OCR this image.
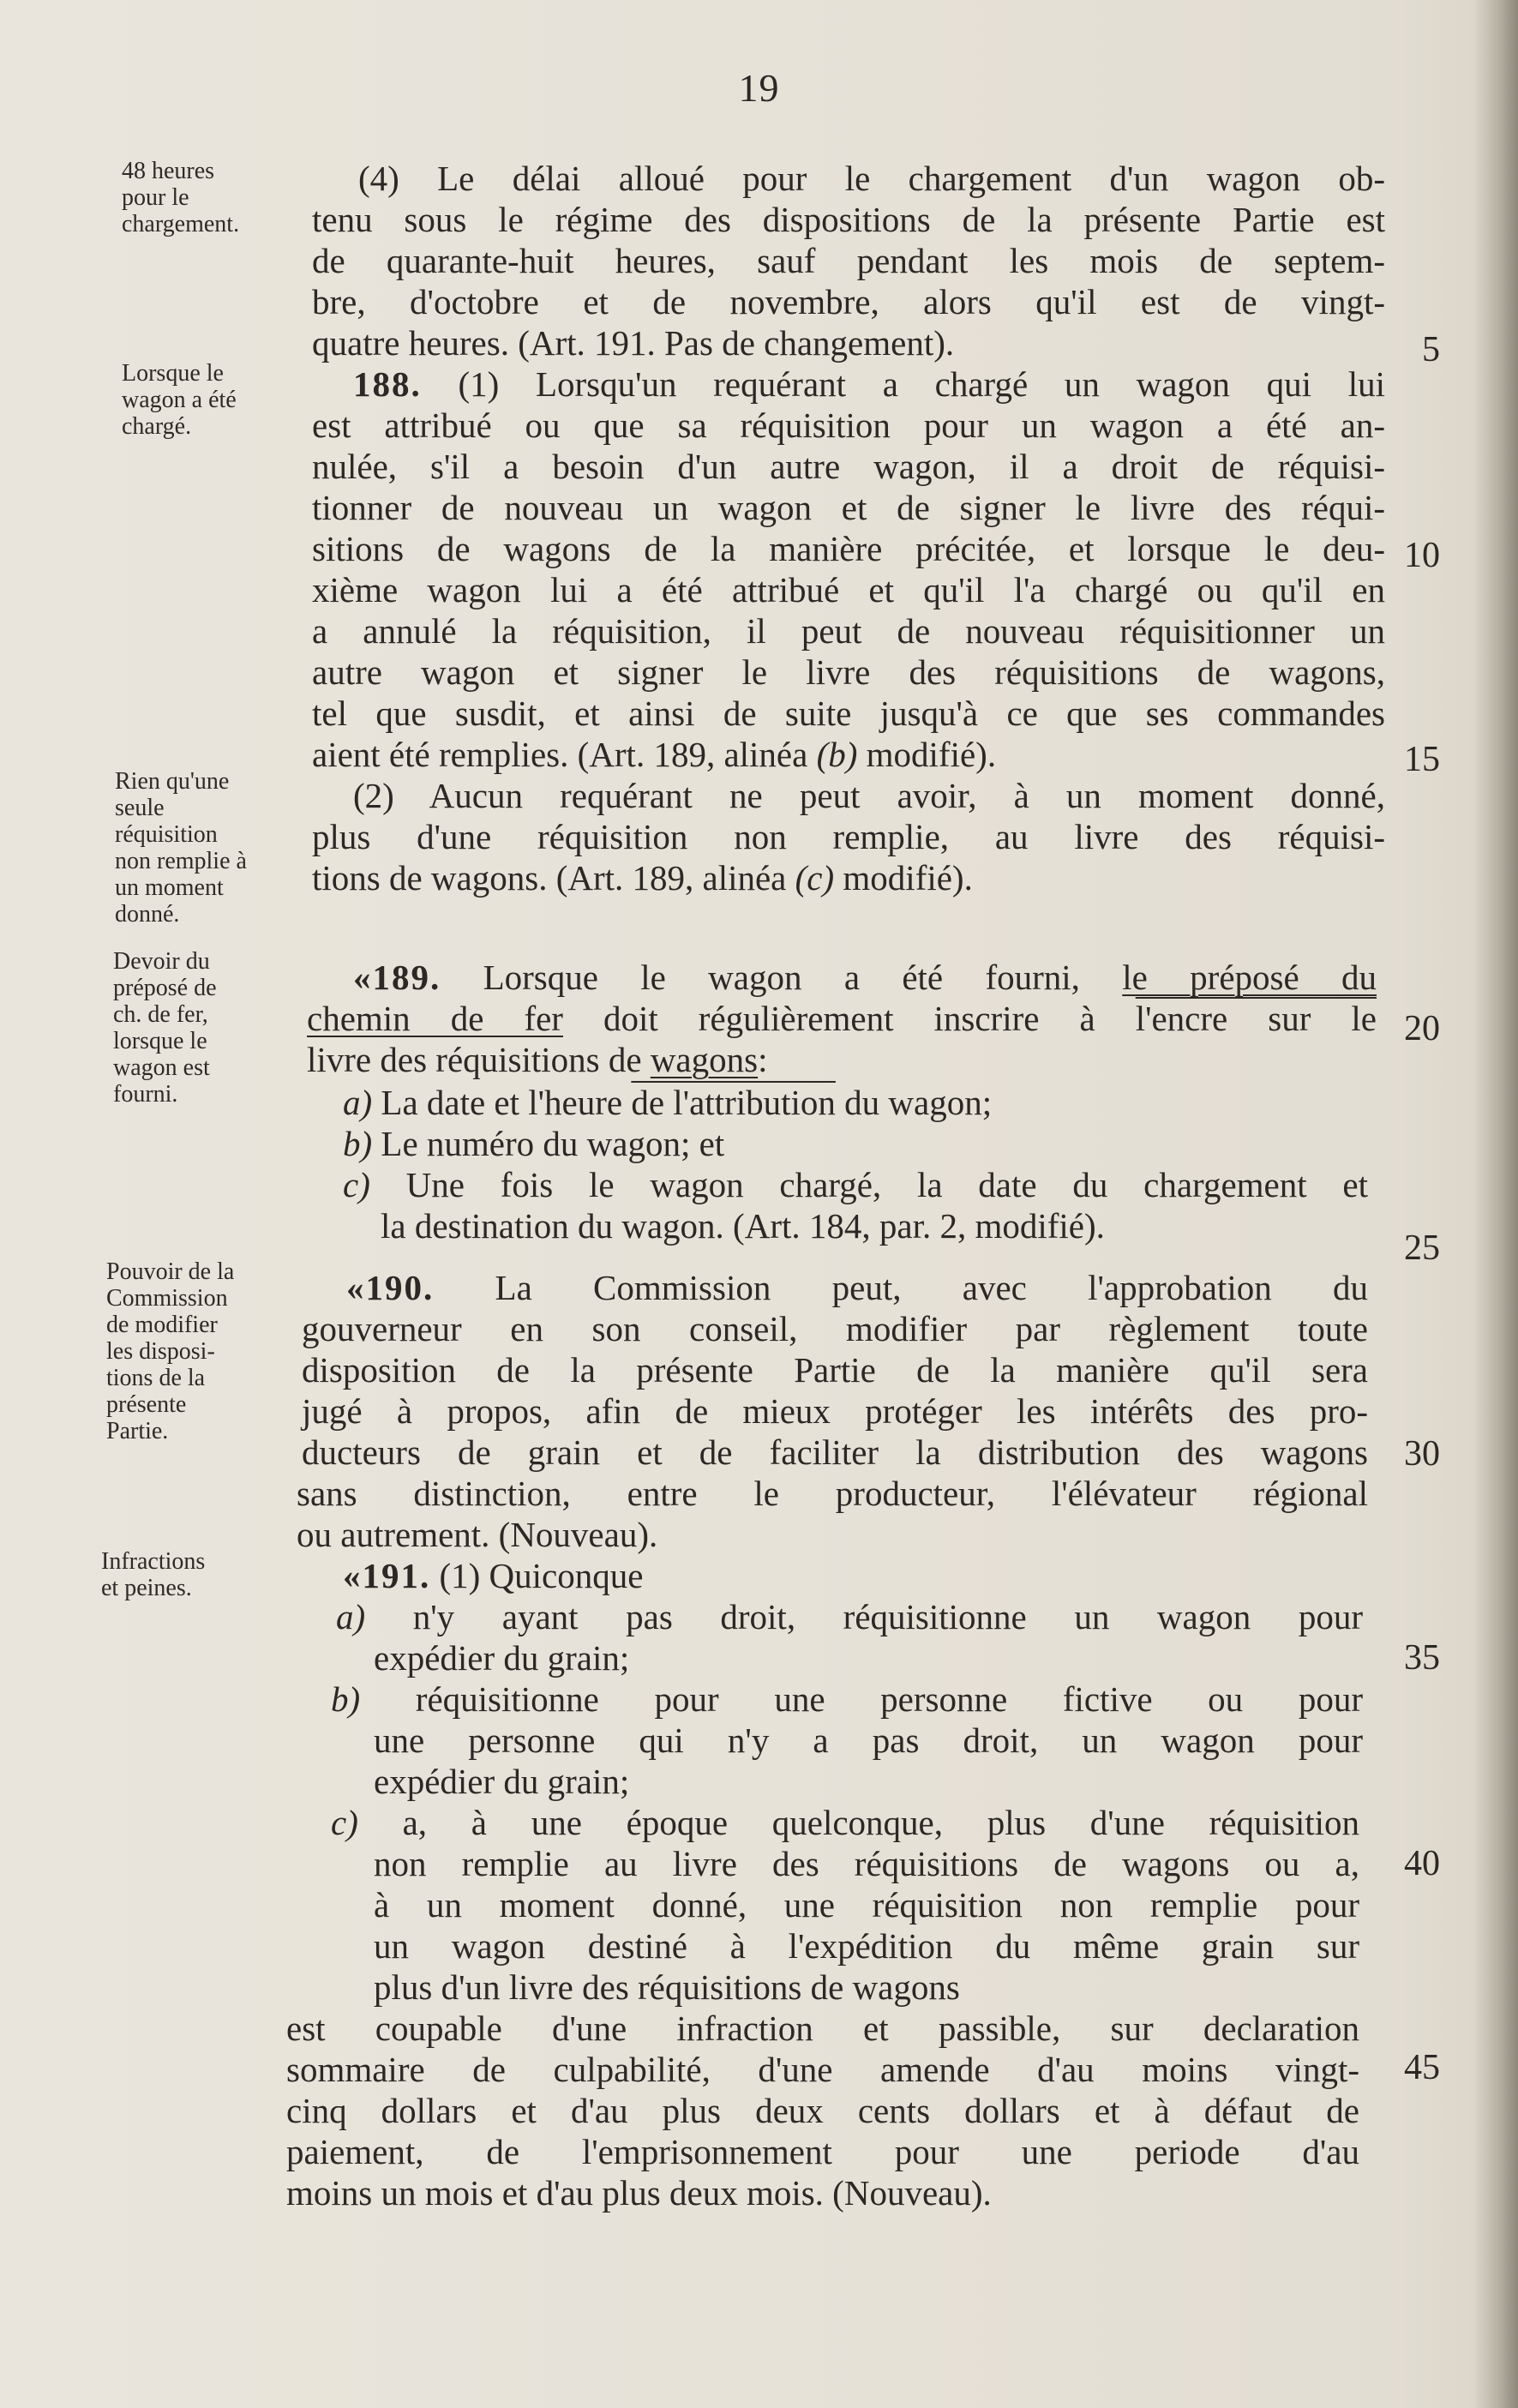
19
48 heures
pour le
chargement.
Lorsque le
wagon a été
chargé.
Rien qu'une
seule
réquisition
non remplie à
un moment
donné.
Devoir du
préposé de
ch. de fer,
lorsque le
wagon est
fourni.
Pouvoir de la
Commission
de modifier
les disposi-
tions de la
présente
Partie.
Infractions
et peines.
5
10
15
20
25
30
35
40
45
(4) Le délai alloué pour le chargement d'un wagon ob-
tenu sous le régime des dispositions de la présente Partie est
de quarante-huit heures, sauf pendant les mois de septem-
bre, d'octobre et de novembre, alors qu'il est de vingt-
quatre heures. (Art. 191. Pas de changement).
188. (1) Lorsqu'un requérant a chargé un wagon qui lui
est attribué ou que sa réquisition pour un wagon a été an-
nulée, s'il a besoin d'un autre wagon, il a droit de réquisi-
tionner de nouveau un wagon et de signer le livre des réqui-
sitions de wagons de la manière précitée, et lorsque le deu-
xième wagon lui a été attribué et qu'il l'a chargé ou qu'il en
a annulé la réquisition, il peut de nouveau réquisitionner un
autre wagon et signer le livre des réquisitions de wagons,
tel que susdit, et ainsi de suite jusqu'à ce que ses commandes
aient été remplies. (Art. 189, alinéa (b) modifié).
(2) Aucun requérant ne peut avoir, à un moment donné,
plus d'une réquisition non remplie, au livre des réquisi-
tions de wagons. (Art. 189, alinéa (c) modifié).
«189. Lorsque le wagon a été fourni, le préposé du
chemin de fer doit régulièrement inscrire à l'encre sur le
livre des réquisitions de wagons:
a) La date et l'heure de l'attribution du wagon;
b) Le numéro du wagon; et
c) Une fois le wagon chargé, la date du chargement et
la destination du wagon. (Art. 184, par. 2, modifié).
«190. La Commission peut, avec l'approbation du
gouverneur en son conseil, modifier par règlement toute
disposition de la présente Partie de la manière qu'il sera
jugé à propos, afin de mieux protéger les intérêts des pro-
ducteurs de grain et de faciliter la distribution des wagons
sans distinction, entre le producteur, l'élévateur régional
ou autrement. (Nouveau).
«191. (1) Quiconque
a) n'y ayant pas droit, réquisitionne un wagon pour
expédier du grain;
b) réquisitionne pour une personne fictive ou pour
une personne qui n'y a pas droit, un wagon pour
expédier du grain;
c) a, à une époque quelconque, plus d'une réquisition
non remplie au livre des réquisitions de wagons ou a,
à un moment donné, une réquisition non remplie pour
un wagon destiné à l'expédition du même grain sur
plus d'un livre des réquisitions de wagons
est coupable d'une infraction et passible, sur declaration
sommaire de culpabilité, d'une amende d'au moins vingt-
cinq dollars et d'au plus deux cents dollars et à défaut de
paiement, de l'emprisonnement pour une periode d'au
moins un mois et d'au plus deux mois. (Nouveau).
